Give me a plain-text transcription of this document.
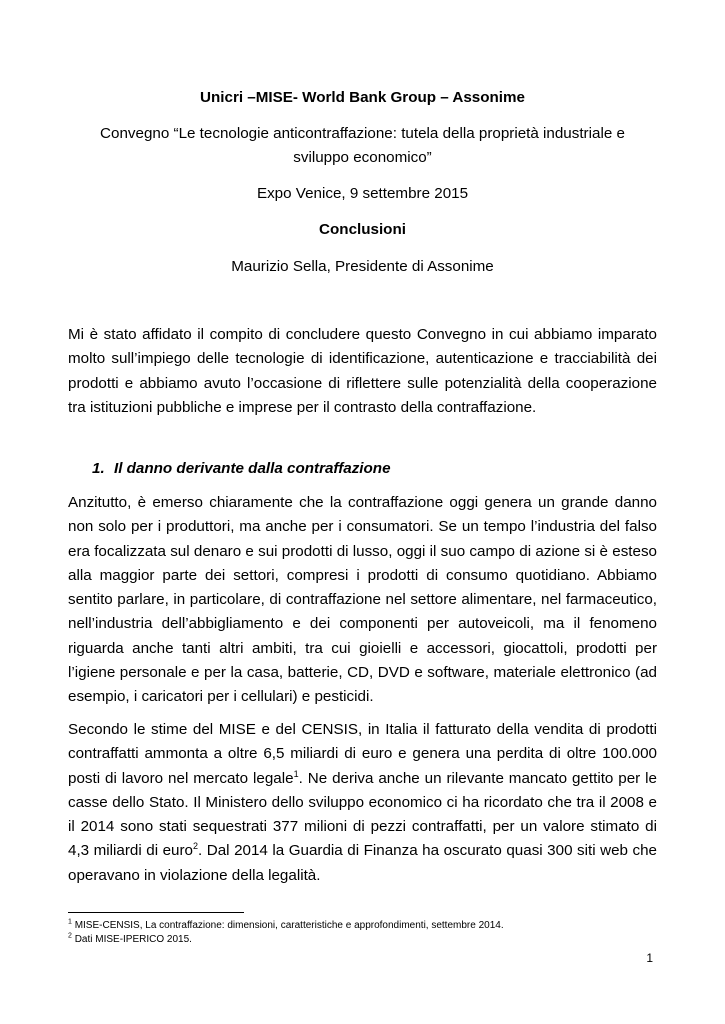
Unicri –MISE- World Bank Group – Assonime
Convegno “Le tecnologie anticontraffazione: tutela della proprietà industriale e
sviluppo economico”
Expo Venice, 9 settembre 2015
Conclusioni
Maurizio Sella, Presidente di Assonime

Mi è stato affidato il compito di concludere questo Convegno in cui abbiamo imparato molto sull’impiego delle tecnologie di identificazione, autenticazione e tracciabilità dei prodotti e abbiamo avuto l’occasione di riflettere sulle potenzialità della cooperazione tra istituzioni pubbliche e imprese per il contrasto della contraffazione.

1. Il danno derivante dalla contraffazione

Anzitutto, è emerso chiaramente che la contraffazione oggi genera un grande danno non solo per i produttori, ma anche per i consumatori. Se un tempo l’industria del falso era focalizzata sul denaro e sui prodotti di lusso, oggi il suo campo di azione si è esteso alla maggior parte dei settori, compresi i prodotti di consumo quotidiano. Abbiamo sentito parlare, in particolare, di contraffazione nel settore alimentare, nel farmaceutico, nell’industria dell’abbigliamento e dei componenti per autoveicoli, ma il fenomeno riguarda anche tanti altri ambiti, tra cui gioielli e accessori, giocattoli, prodotti per l’igiene personale e per la casa, batterie, CD, DVD e software, materiale elettronico (ad esempio, i caricatori per i cellulari) e pesticidi.

Secondo le stime del MISE e del CENSIS, in Italia il fatturato della vendita di prodotti contraffatti ammonta a oltre 6,5 miliardi di euro e genera una perdita di oltre 100.000 posti di lavoro nel mercato legale$^1$. Ne deriva anche un rilevante mancato gettito per le casse dello Stato. Il Ministero dello sviluppo economico ci ha ricordato che tra il 2008 e il 2014 sono stati sequestrati 377 milioni di pezzi contraffatti, per un valore stimato di 4,3 miliardi di euro$^2$. Dal 2014 la Guardia di Finanza ha oscurato quasi 300 siti web che operavano in violazione della legalità.

$^1$ MISE-CENSIS, La contraffazione: dimensioni, caratteristiche e approfondimenti, settembre 2014.
$^2$ Dati MISE-IPERICO 2015.
1
